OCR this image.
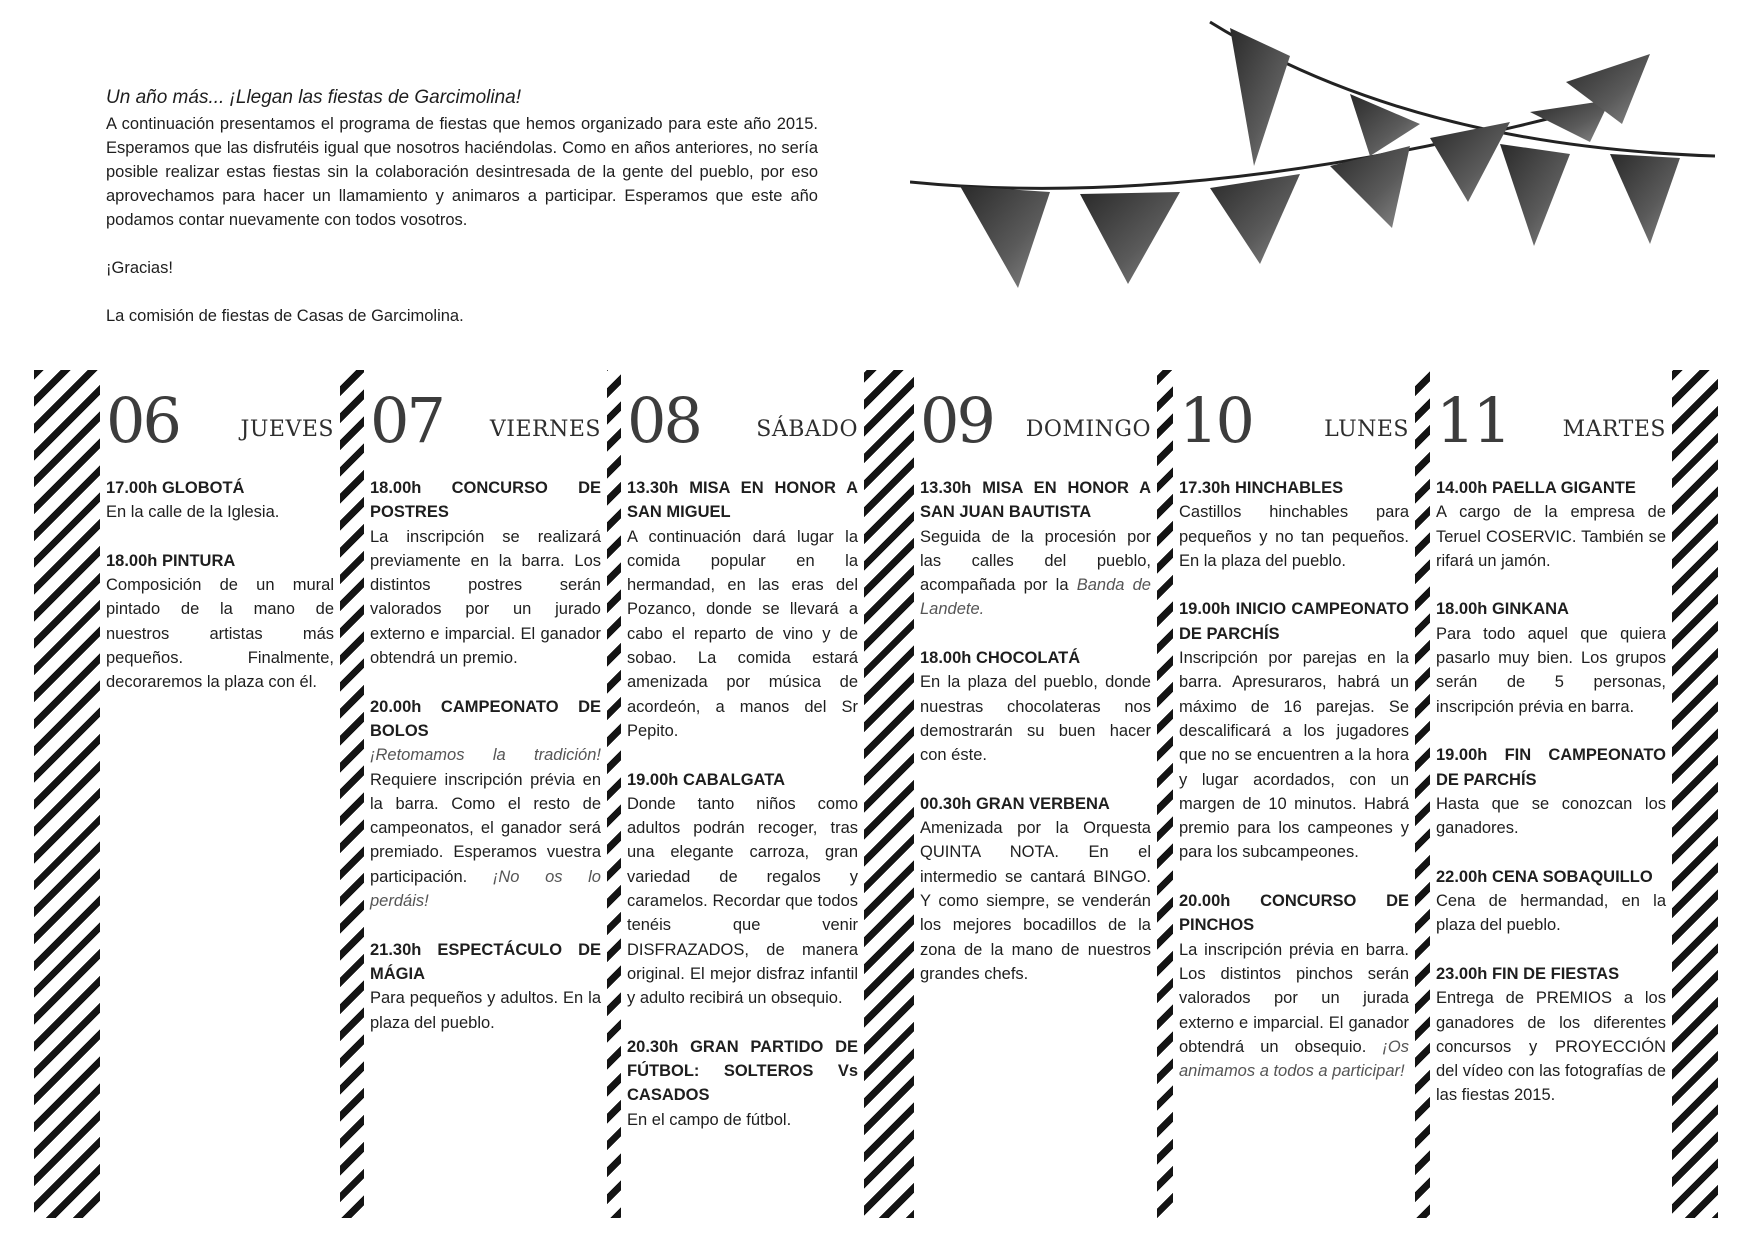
Un año más... ¡Llegan las fiestas de Garcimolina!

A continuación presentamos el programa de fiestas que hemos organizado para este año 2015. Esperamos que las disfrutéis igual que nosotros haciéndolas. Como en años anteriores, no sería posible realizar estas fiestas sin la colaboración desintresada de la gente del pueblo, por eso aprovechamos para hacer un llamamiento y animaros a participar. Esperamos que este año podamos contar nuevamente con todos vosotros.

¡Gracias!

La comisión de fiestas de Casas de Garcimolina.

06	JUEVES
17.00h GLOBOTÁ
En la calle de la Iglesia.
18.00h PINTURA
Composición de un mural pintado de la mano de nuestros artistas más pequeños. Finalmente, decoraremos la plaza con él.
07 VIERNES
18.00h CONCURSO DE POSTRES
La inscripción se realizará previamente en la barra. Los distintos postres serán valorados por un jurado externo e imparcial. El ganador obtendrá un premio.
20.00h CAMPEONATO DE BOLOS
¡Retomamos la tradición! Requiere inscripción prévia en la barra. Como el resto de campeonatos, el ganador será premiado. Esperamos vuestra participación. ¡No os lo perdáis!
21.30h ESPECTÁCULO DE MÁGIA
Para pequeños y adultos. En la plaza del pueblo.
08	SÁBADO
13.30h MISA EN HONOR A SAN MIGUEL
A continuación dará lugar la comida popular en la hermandad, en las eras del Pozanco, donde se llevará a cabo el reparto de vino y de sobao. La comida estará amenizada por música de acordeón, a manos del Sr Pepito.
19.00h CABALGATA
Donde tanto niños como adultos podrán recoger, tras una elegante carroza, gran variedad de regalos y caramelos. Recordar que todos tenéis que venir DISFRAZADOS, de manera original. El mejor disfraz infantil y adulto recibirá un obsequio.
20.30h GRAN PARTIDO DE FÚTBOL: SOLTEROS Vs CASADOS
En el campo de fútbol.
09 DOMINGO
13.30h MISA EN HONOR A SAN JUAN BAUTISTA
Seguida de la procesión por las calles del pueblo, acompañada por la Banda de Landete.
18.00h CHOCOLATÁ
En la plaza del pueblo, donde nuestras chocolateras nos demostrarán su buen hacer con éste.
00.30h GRAN VERBENA
Amenizada por la Orquesta QUINTA NOTA. En el intermedio se cantará BINGO. Y como siempre, se venderán los mejores bocadillos de la zona de la mano de nuestros grandes chefs.
10	LUNES
17.30h HINCHABLES
Castillos hinchables para pequeños y no tan pequeños. En la plaza del pueblo.
19.00h INICIO CAMPEONATO DE PARCHÍS
Inscripción por parejas en la barra. Apresuraros, habrá un máximo de 16 parejas. Se descalificará a los jugadores que no se encuentren a la hora y lugar acordados, con un margen de 10 minutos. Habrá premio para los campeones y para los subcampeones.
20.00h CONCURSO DE PINCHOS
La inscripción prévia en barra. Los distintos pinchos serán valorados por un jurada externo e imparcial. El ganador obtendrá un obsequio. ¡Os animamos a todos a participar!
11 MARTES
14.00h PAELLA GIGANTE
A cargo de la empresa de Teruel COSERVIC. También se rifará un jamón.
18.00h GINKANA
Para todo aquel que quiera pasarlo muy bien. Los grupos serán de 5 personas, inscripción prévia en barra.
19.00h FIN CAMPEONATO DE PARCHÍS
Hasta que se conozcan los ganadores.
22.00h CENA SOBAQUILLO
Cena de hermandad, en la plaza del pueblo.
23.00h FIN DE FIESTAS
Entrega de PREMIOS a los ganadores de los diferentes concursos y PROYECCIÓN del vídeo con las fotografías de las fiestas 2015.
